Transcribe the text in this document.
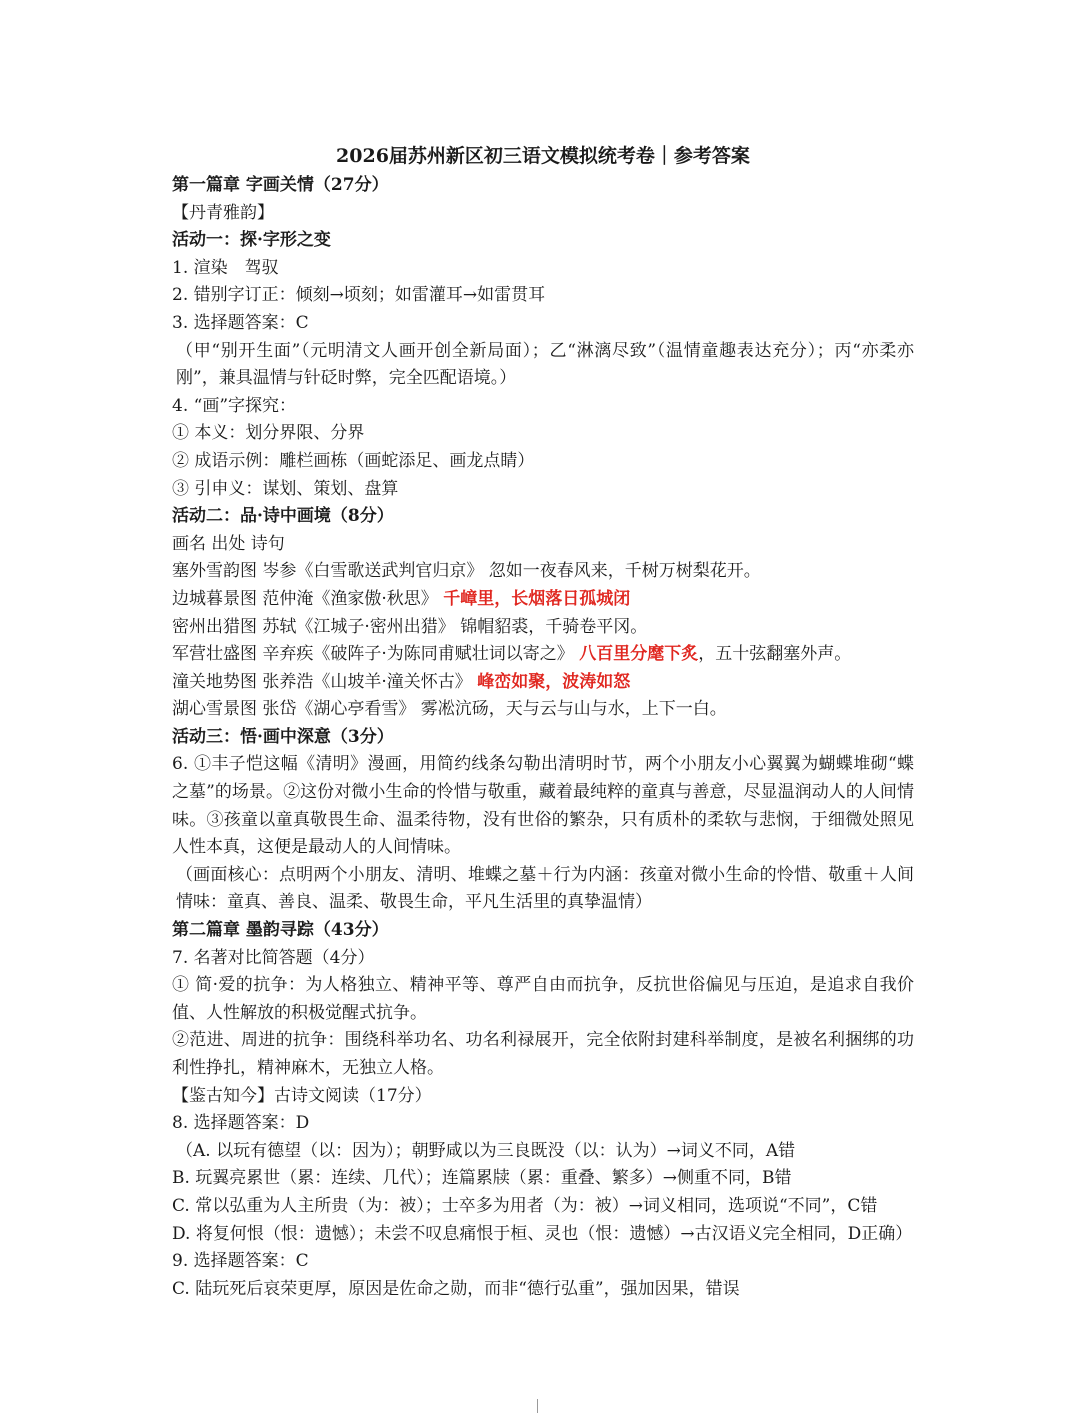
2026届苏州新区初三语文模拟统考卷｜参考答案
第一篇章 字画关情（27分）
【丹青雅韵】
活动一：探·字形之变
1. 渲染　驾驭
2. 错别字订正：倾刻→顷刻；如雷灌耳→如雷贯耳
3. 选择题答案：C
（甲“别开生面”（元明清文人画开创全新局面）；乙“淋漓尽致”（温情童趣表达充分）；丙“亦柔亦刚”，兼具温情与针砭时弊，完全匹配语境。）
4. “画”字探究：
① 本义：划分界限、分界
② 成语示例：雕栏画栋（画蛇添足、画龙点睛）
③ 引申义：谋划、策划、盘算
活动二：品·诗中画境（8分）
画名 出处 诗句
塞外雪韵图 岑参《白雪歌送武判官归京》 忽如一夜春风来，千树万树梨花开。
边城暮景图 范仲淹《渔家傲·秋思》 千嶂里，长烟落日孤城闭
密州出猎图 苏轼《江城子·密州出猎》 锦帽貂裘，千骑卷平冈。
军营壮盛图 辛弃疾《破阵子·为陈同甫赋壮词以寄之》 八百里分麾下炙，五十弦翻塞外声。
潼关地势图 张养浩《山坡羊·潼关怀古》 峰峦如聚，波涛如怒
湖心雪景图 张岱《湖心亭看雪》 雾凇沆砀，天与云与山与水，上下一白。
活动三：悟·画中深意（3分）
6. ①丰子恺这幅《清明》漫画，用简约线条勾勒出清明时节，两个小朋友小心翼翼为蝴蝶堆砌“蝶之墓”的场景。②这份对微小生命的怜惜与敬重，藏着最纯粹的童真与善意，尽显温润动人的人间情味。③孩童以童真敬畏生命、温柔待物，没有世俗的繁杂，只有质朴的柔软与悲悯，于细微处照见人性本真，这便是最动人的人间情味。
（画面核心：点明两个小朋友、清明、堆蝶之墓＋行为内涵：孩童对微小生命的怜惜、敬重＋人间情味：童真、善良、温柔、敬畏生命，平凡生活里的真挚温情）
第二篇章 墨韵寻踪（43分）
7. 名著对比简答题（4分）
① 简·爱的抗争：为人格独立、精神平等、尊严自由而抗争，反抗世俗偏见与压迫，是追求自我价值、人性解放的积极觉醒式抗争。
②范进、周进的抗争：围绕科举功名、功名利禄展开，完全依附封建科举制度，是被名利捆绑的功利性挣扎，精神麻木，无独立人格。
【鉴古知今】古诗文阅读（17分）
8. 选择题答案：D
（A. 以玩有德望（以：因为）；朝野咸以为三良既没（以：认为）→词义不同，A错
B. 玩翼亮累世（累：连续、几代）；连篇累牍（累：重叠、繁多）→侧重不同，B错
C. 常以弘重为人主所贵（为：被）；士卒多为用者（为：被）→词义相同，选项说“不同”，C错
D. 将复何恨（恨：遗憾）；未尝不叹息痛恨于桓、灵也（恨：遗憾）→古汉语义完全相同，D正确）
9. 选择题答案：C
C. 陆玩死后哀荣更厚，原因是佐命之勋，而非“德行弘重”，强加因果，错误
